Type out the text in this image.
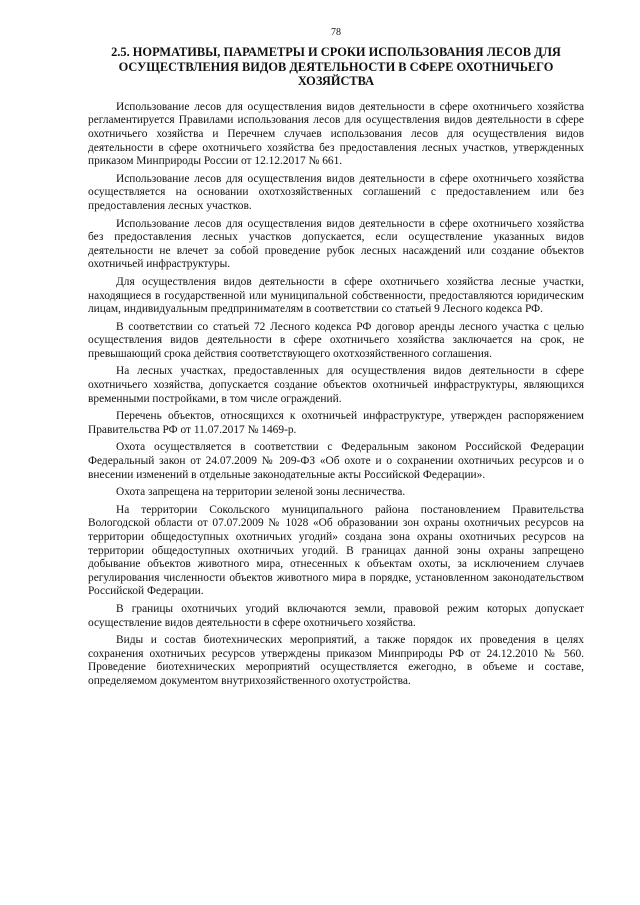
78
2.5. НОРМАТИВЫ, ПАРАМЕТРЫ И СРОКИ ИСПОЛЬЗОВАНИЯ ЛЕСОВ ДЛЯ ОСУЩЕСТВЛЕНИЯ ВИДОВ ДЕЯТЕЛЬНОСТИ В СФЕРЕ ОХОТНИЧЬЕГО ХОЗЯЙСТВА

Использование лесов для осуществления видов деятельности в сфере охотничьего хозяйства регламентируется Правилами использования лесов для осуществления видов деятельности в сфере охотничьего хозяйства и Перечнем случаев использования лесов для осуществления видов деятельности в сфере охотничьего хозяйства без предоставления лесных участков, утвержденных приказом Минприроды России от 12.12.2017 № 661.

Использование лесов для осуществления видов деятельности в сфере охотничьего хозяйства осуществляется на основании охотхозяйственных соглашений с предоставлением или без предоставления лесных участков.

Использование лесов для осуществления видов деятельности в сфере охотничьего хозяйства без предоставления лесных участков допускается, если осуществление указанных видов деятельности не влечет за собой проведение рубок лесных насаждений или создание объектов охотничьей инфраструктуры.

Для осуществления видов деятельности в сфере охотничьего хозяйства лесные участки, находящиеся в государственной или муниципальной собственности, предоставляются юридическим лицам, индивидуальным предпринимателям в соответствии со статьей 9 Лесного кодекса РФ.

В соответствии со статьей 72 Лесного кодекса РФ договор аренды лесного участка с целью осуществления видов деятельности в сфере охотничьего хозяйства заключается на срок, не превышающий срока действия соответствующего охотхозяйственного соглашения.

На лесных участках, предоставленных для осуществления видов деятельности в сфере охотничьего хозяйства, допускается создание объектов охотничьей инфраструктуры, являющихся временными постройками, в том числе ограждений.

Перечень объектов, относящихся к охотничьей инфраструктуре, утвержден распоряжением Правительства РФ от 11.07.2017 № 1469-р.

Охота осуществляется в соответствии с Федеральным законом Российской Федерации Федеральный закон от 24.07.2009 № 209-ФЗ «Об охоте и о сохранении охотничьих ресурсов и о внесении изменений в отдельные законодательные акты Российской Федерации».

Охота запрещена на территории зеленой зоны лесничества.

На территории Сокольского муниципального района постановлением Правительства Вологодской области от 07.07.2009 № 1028 «Об образовании зон охраны охотничьих ресурсов на территории общедоступных охотничьих угодий» создана зона охраны охотничьих ресурсов на территории общедоступных охотничьих угодий. В границах данной зоны охраны запрещено добывание объектов животного мира, отнесенных к объектам охоты, за исключением случаев регулирования численности объектов животного мира в порядке, установленном законодательством Российской Федерации.

В границы охотничьих угодий включаются земли, правовой режим которых допускает осуществление видов деятельности в сфере охотничьего хозяйства.

Виды и состав биотехнических мероприятий, а также порядок их проведения в целях сохранения охотничьих ресурсов утверждены приказом Минприроды РФ от 24.12.2010 № 560. Проведение биотехнических мероприятий осуществляется ежегодно, в объеме и составе, определяемом документом внутрихозяйственного охотустройства.
